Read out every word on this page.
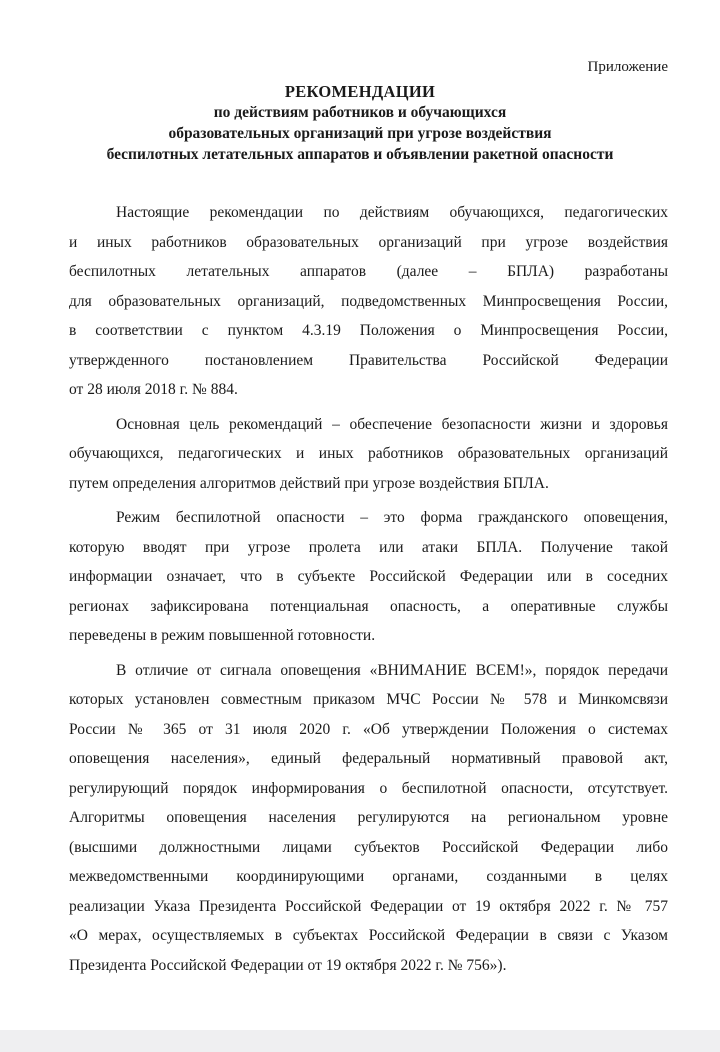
Приложение
РЕКОМЕНДАЦИИ
по действиям работников и обучающихся
образовательных организаций при угрозе воздействия
беспилотных летательных аппаратов и объявлении ракетной опасности
Настоящие рекомендации по действиям обучающихся, педагогических
и иных работников образовательных организаций при угрозе воздействия
беспилотных летательных аппаратов (далее – БПЛА) разработаны
для образовательных организаций, подведомственных Минпросвещения России,
в соответствии с пунктом 4.3.19 Положения о Минпросвещения России,
утвержденного постановлением Правительства Российской Федерации
от 28 июля 2018 г. № 884.
Основная цель рекомендаций – обеспечение безопасности жизни и здоровья
обучающихся, педагогических и иных работников образовательных организаций
путем определения алгоритмов действий при угрозе воздействия БПЛА.
Режим беспилотной опасности – это форма гражданского оповещения,
которую вводят при угрозе пролета или атаки БПЛА. Получение такой
информации означает, что в субъекте Российской Федерации или в соседних
регионах зафиксирована потенциальная опасность, а оперативные службы
переведены в режим повышенной готовности.
В отличие от сигнала оповещения «ВНИМАНИЕ ВСЕМ!», порядок передачи
которых установлен совместным приказом МЧС России № 578 и Минкомсвязи
России № 365 от 31 июля 2020 г. «Об утверждении Положения о системах
оповещения населения», единый федеральный нормативный правовой акт,
регулирующий порядок информирования о беспилотной опасности, отсутствует.
Алгоритмы оповещения населения регулируются на региональном уровне
(высшими должностными лицами субъектов Российской Федерации либо
межведомственными координирующими органами, созданными в целях
реализации Указа Президента Российской Федерации от 19 октября 2022 г. № 757
«О мерах, осуществляемых в субъектах Российской Федерации в связи с Указом
Президента Российской Федерации от 19 октября 2022 г. № 756»).
